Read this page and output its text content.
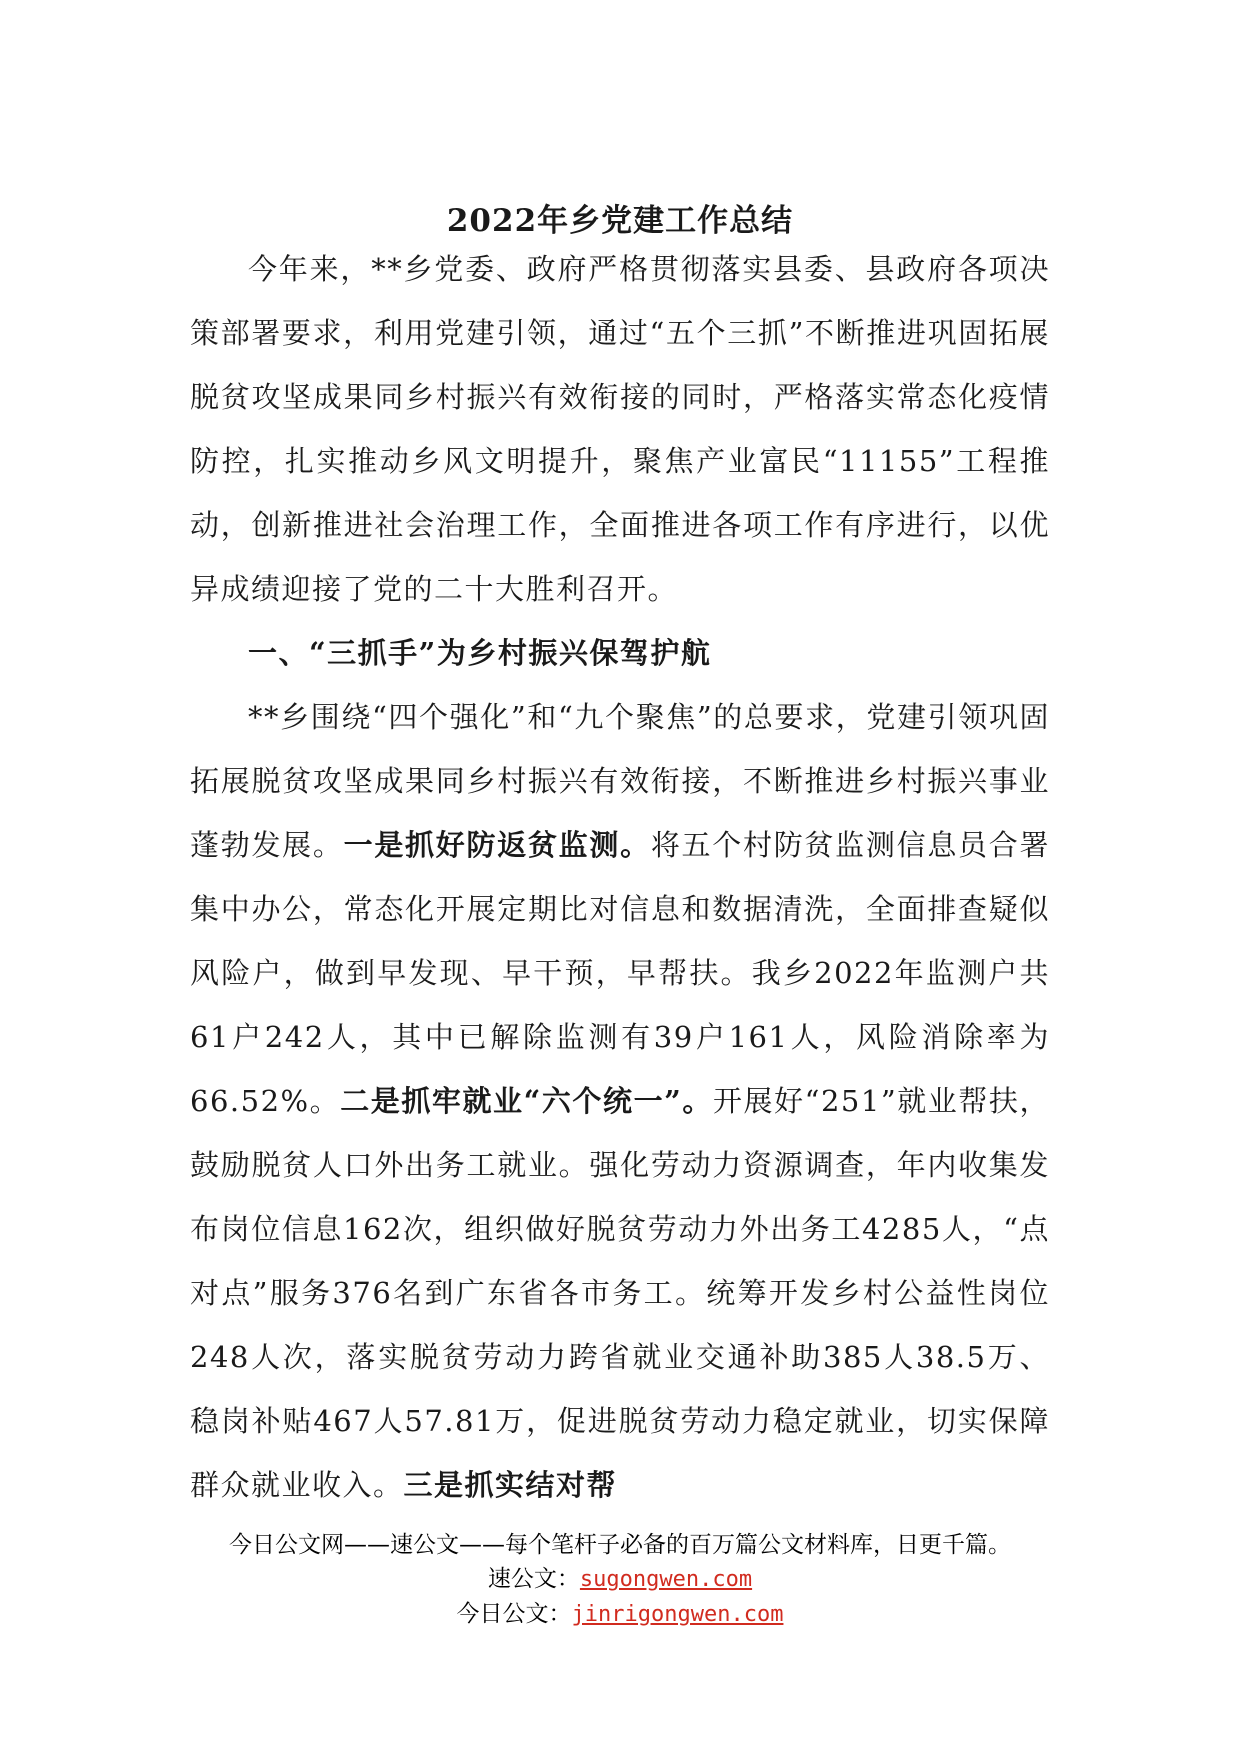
2022年乡党建工作总结

今年来，**乡党委、政府严格贯彻落实县委、县政府各项决策部署要求，利用党建引领，通过“五个三抓”不断推进巩固拓展脱贫攻坚成果同乡村振兴有效衔接的同时，严格落实常态化疫情防控，扎实推动乡风文明提升，聚焦产业富民“11155”工程推动，创新推进社会治理工作，全面推进各项工作有序进行，以优异成绩迎接了党的二十大胜利召开。

一、“三抓手”为乡村振兴保驾护航

**乡围绕“四个强化”和“九个聚焦”的总要求，党建引领巩固拓展脱贫攻坚成果同乡村振兴有效衔接，不断推进乡村振兴事业蓬勃发展。一是抓好防返贫监测。将五个村防贫监测信息员合署集中办公，常态化开展定期比对信息和数据清洗，全面排查疑似风险户，做到早发现、早干预，早帮扶。我乡2022年监测户共61户242人，其中已解除监测有39户161人，风险消除率为66.52%。二是抓牢就业“六个统一”。开展好“251”就业帮扶，鼓励脱贫人口外出务工就业。强化劳动力资源调查，年内收集发布岗位信息162次，组织做好脱贫劳动力外出务工4285人，“点对点”服务376名到广东省各市务工。统筹开发乡村公益性岗位248人次，落实脱贫劳动力跨省就业交通补助385人38.5万、稳岗补贴467人57.81万，促进脱贫劳动力稳定就业，切实保障群众就业收入。三是抓实结对帮

今日公文网——速公文——每个笔杆子必备的百万篇公文材料库，日更千篇。
速公文：sugongwen.com
今日公文：jinrigongwen.com
